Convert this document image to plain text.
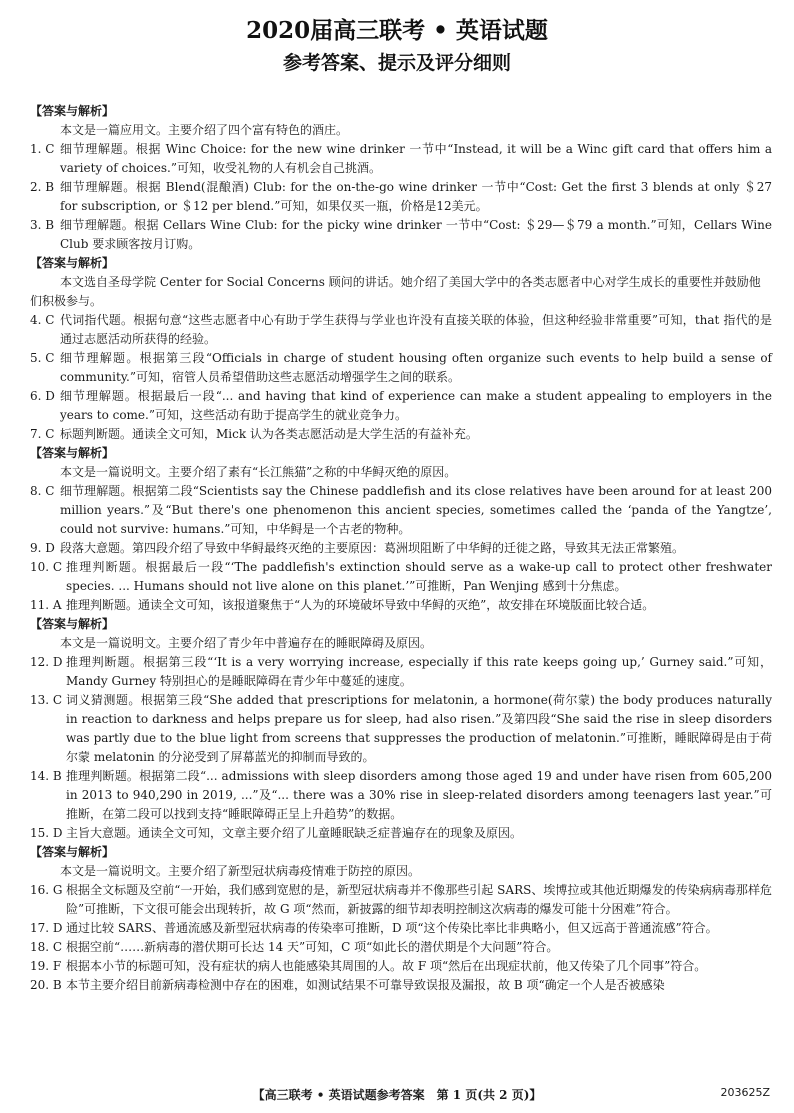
2020届高三联考 • 英语试题
参考答案、提示及评分细则
【答案与解析】
本文是一篇应用文。主要介绍了四个富有特色的酒庄。
1. C 细节理解题。根据 Winc Choice: for the new wine drinker 一节中“Instead, it will be a Winc gift card that offers him a variety of choices.”可知，收受礼物的人有机会自己挑酒。
2. B 细节理解题。根据 Blend(混酿酒) Club: for the on-the-go wine drinker 一节中“Cost: Get the first 3 blends at only ＄27 for subscription, or ＄12 per blend.”可知，如果仅买一瓶，价格是12美元。
3. B 细节理解题。根据 Cellars Wine Club: for the picky wine drinker 一节中“Cost: ＄29—＄79 a month.”可知，Cellars Wine Club 要求顾客按月订购。
【答案与解析】
本文选自圣母学院 Center for Social Concerns 顾问的讲话。她介绍了美国大学中的各类志愿者中心对学生成长的重要性并鼓励他们积极参与。
4. C 代词指代题。根据句意“这些志愿者中心有助于学生获得与学业也许没有直接关联的体验，但这种经验非常重要”可知，that 指代的是通过志愿活动所获得的经验。
5. C 细节理解题。根据第三段“Officials in charge of student housing often organize such events to help build a sense of community.”可知，宿管人员希望借助这些志愿活动增强学生之间的联系。
6. D 细节理解题。根据最后一段“... and having that kind of experience can make a student appealing to employers in the years to come.”可知，这些活动有助于提高学生的就业竞争力。
7. C 标题判断题。通读全文可知，Mick 认为各类志愿活动是大学生活的有益补充。
【答案与解析】
本文是一篇说明文。主要介绍了素有“长江熊猫”之称的中华鲟灭绝的原因。
8. C 细节理解题。根据第二段“Scientists say the Chinese paddlefish and its close relatives have been around for at least 200 million years.”及“But there's one phenomenon this ancient species, sometimes called the ‘panda of the Yangtze’, could not survive: humans.”可知，中华鲟是一个古老的物种。
9. D 段落大意题。第四段介绍了导致中华鲟最终灭绝的主要原因：葛洲坝阻断了中华鲟的迁徙之路，导致其无法正常繁殖。
10. C 推理判断题。根据最后一段“‘The paddlefish's extinction should serve as a wake-up call to protect other freshwater species. ... Humans should not live alone on this planet.’”可推断，Pan Wenjing 感到十分焦虑。
11. A 推理判断题。通读全文可知，该报道聚焦于“人为的环境破坏导致中华鲟的灭绝”，故安排在环境版面比较合适。
【答案与解析】
本文是一篇说明文。主要介绍了青少年中普遍存在的睡眠障碍及原因。
12. D 推理判断题。根据第三段“‘It is a very worrying increase, especially if this rate keeps going up,’ Gurney said.”可知，Mandy Gurney 特别担心的是睡眠障碍在青少年中蔓延的速度。
13. C 词义猜测题。根据第三段“She added that prescriptions for melatonin, a hormone(荷尔蒙) the body produces naturally in reaction to darkness and helps prepare us for sleep, had also risen.”及第四段“She said the rise in sleep disorders was partly due to the blue light from screens that suppresses the production of melatonin.”可推断，睡眠障碍是由于荷尔蒙 melatonin 的分泌受到了屏幕蓝光的抑制而导致的。
14. B 推理判断题。根据第二段“... admissions with sleep disorders among those aged 19 and under have risen from 605,200 in 2013 to 940,290 in 2019, ...”及“... there was a 30% rise in sleep-related disorders among teenagers last year.”可推断，在第二段可以找到支持“睡眠障碍正呈上升趋势”的数据。
15. D 主旨大意题。通读全文可知，文章主要介绍了儿童睡眠缺乏症普遍存在的现象及原因。
【答案与解析】
本文是一篇说明文。主要介绍了新型冠状病毒疫情难于防控的原因。
16. G 根据全文标题及空前“一开始，我们感到宽慰的是，新型冠状病毒并不像那些引起 SARS、埃博拉或其他近期爆发的传染病病毒那样危险”可推断，下文很可能会出现转折，故 G 项“然而，新披露的细节却表明控制这次病毒的爆发可能十分困难”符合。
17. D 通过比较 SARS、普通流感及新型冠状病毒的传染率可推断，D 项“这个传染比率比非典略小，但又远高于普通流感”符合。
18. C 根据空前“……新病毒的潜伏期可长达 14 天”可知，C 项“如此长的潜伏期是个大问题”符合。
19. F 根据本小节的标题可知，没有症状的病人也能感染其周围的人。故 F 项“然后在出现症状前，他又传染了几个同事”符合。
20. B 本节主要介绍目前新病毒检测中存在的困难，如测试结果不可靠导致误报及漏报，故 B 项“确定一个人是否被感染
【高三联考 • 英语试题参考答案　第 1 页(共 2 页)】	203625Z
